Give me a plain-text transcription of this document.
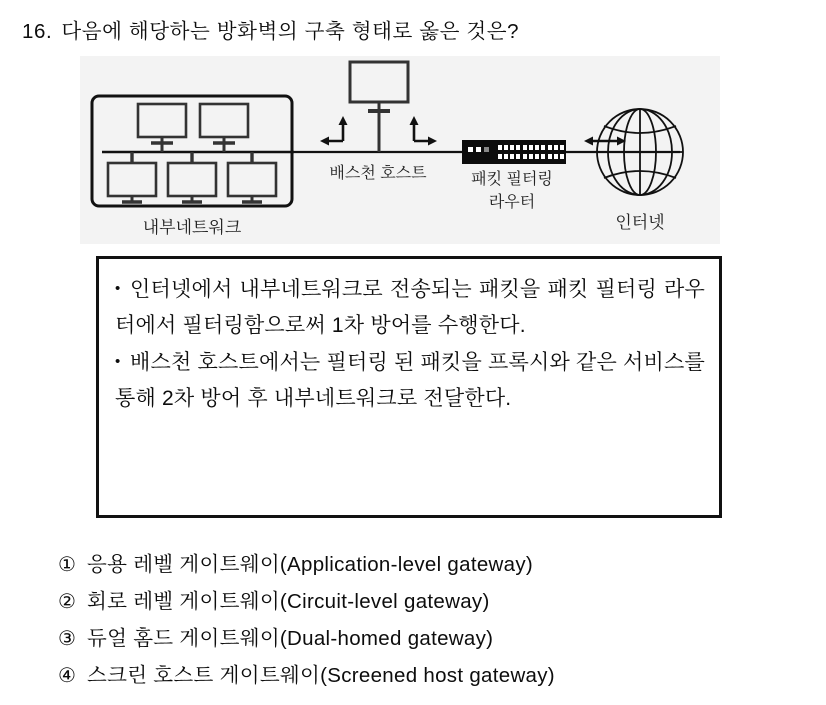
16. 다음에 해당하는 방화벽의 구축 형태로 옳은 것은?
내부네트워크
배스천 호스트	패킷 필터링
라우터
인터넷

• 인터넷에서 내부네트워크로 전송되는 패킷을 패킷 필터링 라우터에서 필터링함으로써 1차 방어를 수행한다.

• 배스천 호스트에서는 필터링 된 패킷을 프록시와 같은 서비스를 통해 2차 방어 후 내부네트워크로 전달한다.

① 응용 레벨 게이트웨이(Application-level gateway)
② 회로 레벨 게이트웨이(Circuit-level gateway)
③ 듀얼 홈드 게이트웨이(Dual-homed gateway)
④ 스크린 호스트 게이트웨이(Screened host gateway)
